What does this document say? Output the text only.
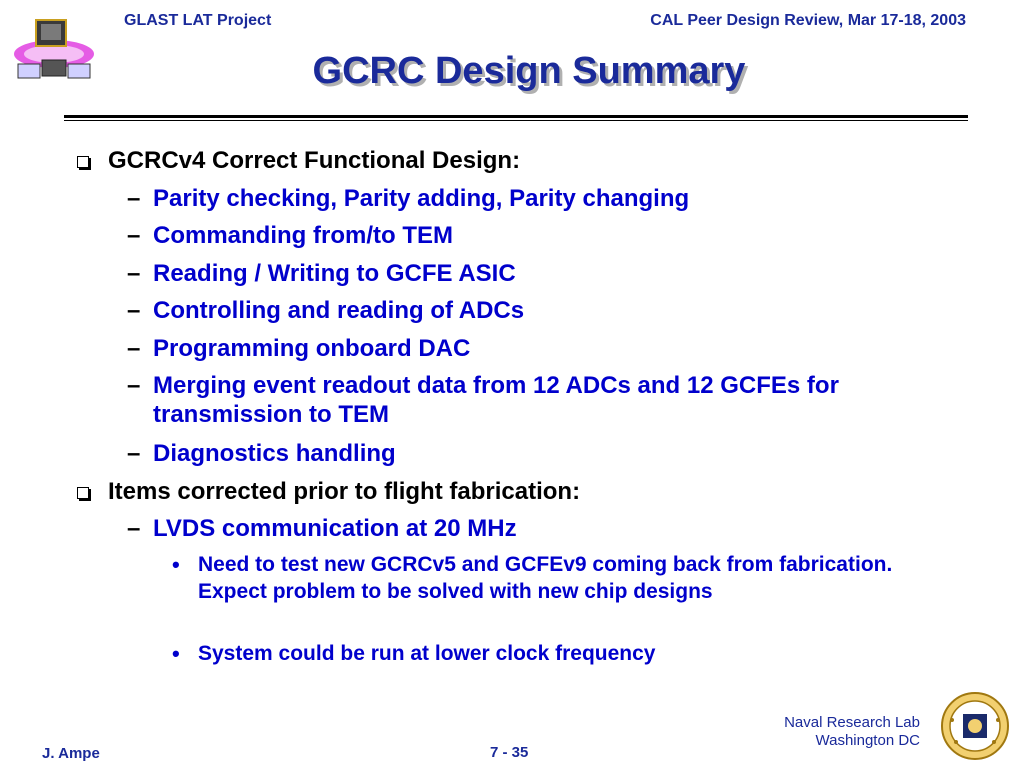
GLAST LAT Project	CAL Peer Design Review, Mar 17-18, 2003
GCRC Design Summary
GCRCv4 Correct Functional Design:
– Parity checking, Parity adding, Parity changing
– Commanding from/to TEM
– Reading / Writing to GCFE ASIC
– Controlling and reading of ADCs
– Programming onboard DAC
– Merging event readout data from 12 ADCs and 12 GCFEs for transmission to TEM
– Diagnostics handling
Items corrected prior to flight fabrication:
– LVDS communication at 20 MHz
• Need to test new GCRCv5 and GCFEv9 coming back from fabrication. Expect problem to be solved with new chip designs
• System could be run at lower clock frequency
J. Ampe	7 - 35
Naval Research Lab
Washington DC
